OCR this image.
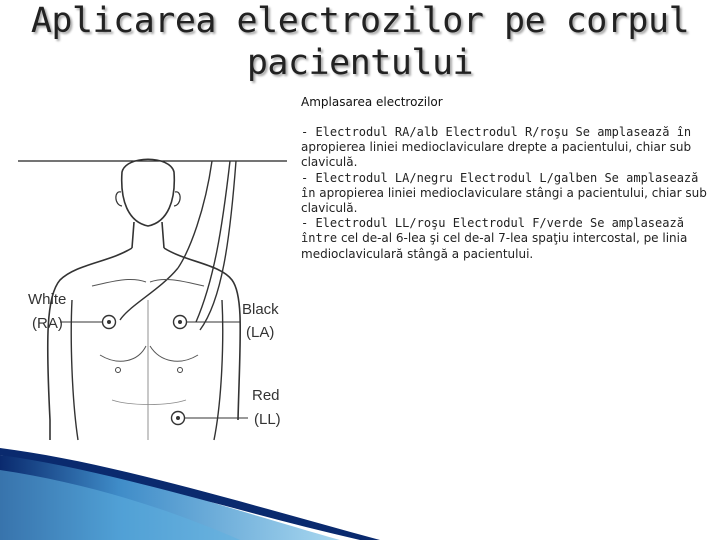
Aplicarea electrozilor pe corpul
pacientului
Amplasarea electrozilor
- Electrodul RA/alb Electrodul R/roşu Se amplasează în apropierea liniei medioclaviculare drepte a pacientului, chiar sub claviculă.
- Electrodul LA/negru Electrodul L/galben Se amplasează în apropierea liniei medioclaviculare stângi a pacientului, chiar sub claviculă.
- Electrodul LL/roşu Electrodul F/verde Se amplasează între cel de-al 6-lea şi cel de-al 7-lea spaţiu intercostal, pe linia medioclaviculară stângă a pacientului.
White
(RA)
Black
(LA)
Red
(LL)
